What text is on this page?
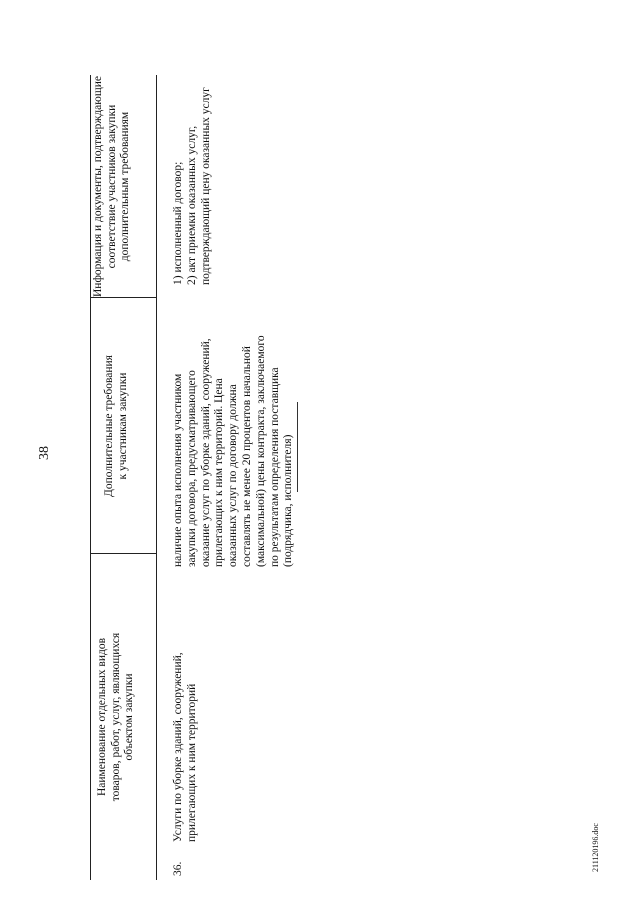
Наименование отдельных видов товаров, работ, услуг, являющихся объектом закупки
Дополнительные требования к участникам закупки
Информация и документы, подтверждающие соответствие участников закупки дополнительным требованиям
36.
Услуги по уборке зданий, сооружений, прилегающих к ним территорий
наличие опыта исполнения участником закупки договора, предусматривающего оказание услуг по уборке зданий, сооружений, прилегающих к ним территорий. Цена оказанных услуг по договору должна составлять не менее 20 процентов начальной (максимальной) цены контракта, заключаемого по результатам определения поставщика (подрядчика, исполнителя)
1) исполненный договор; 2) акт приемки оказанных услуг, подтверждающий цену оказанных услуг
38
211120196.doc
